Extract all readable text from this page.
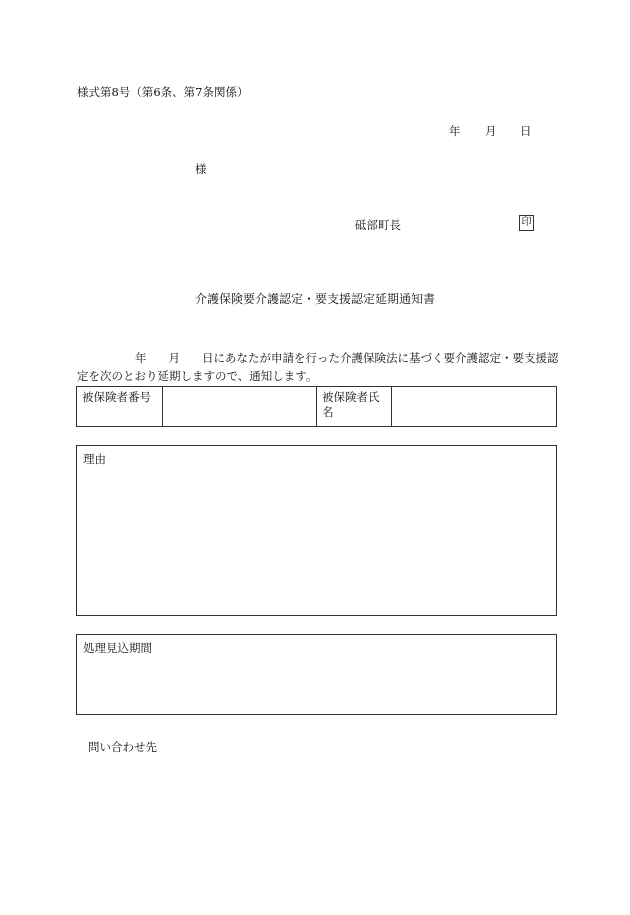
様式第8号（第6条、第7条関係）
年 月 日
様
砥部町長	印
介護保険要介護認定・要支援認定延期通知書
年 月 日にあなたが申請を行った介護保険法に基づく要介護認定・要支援認定を次のとおり延期しますので、通知します。
被保険者番号		被保険者氏名	
理由
処理見込期間
問い合わせ先
